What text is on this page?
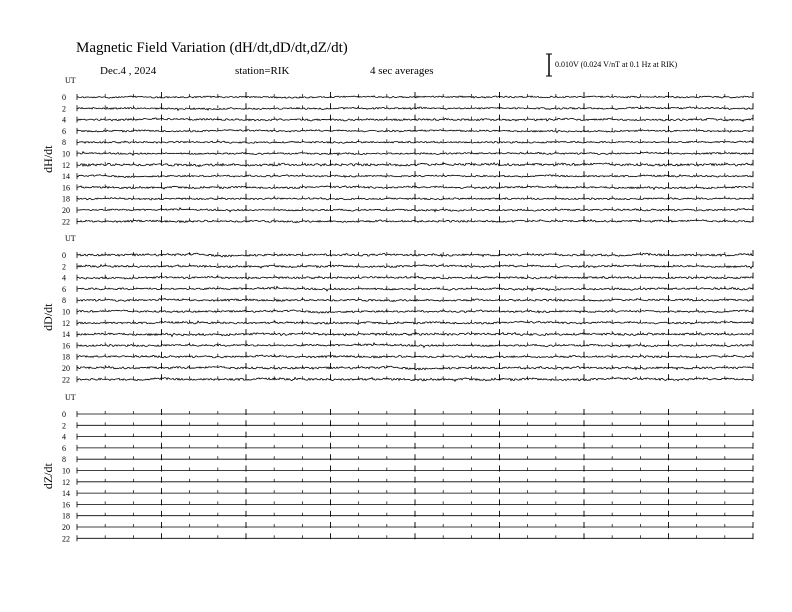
UT
dH/dt
0
2
4
6
8
10
12
14
16
18
20
22
UT
dD/dt
0
2
4
6
8
10
12
14
16
18
20
22
UT
dZ/dt
0
2
4
6
8
10
12
14
16
18
20
22
Magnetic Field Variation (dH/dt,dD/dt,dZ/dt)
Dec.4 , 2024	station=RIK	4 sec averages
0.010V (0.024 V/nT at 0.1 Hz at RIK)
